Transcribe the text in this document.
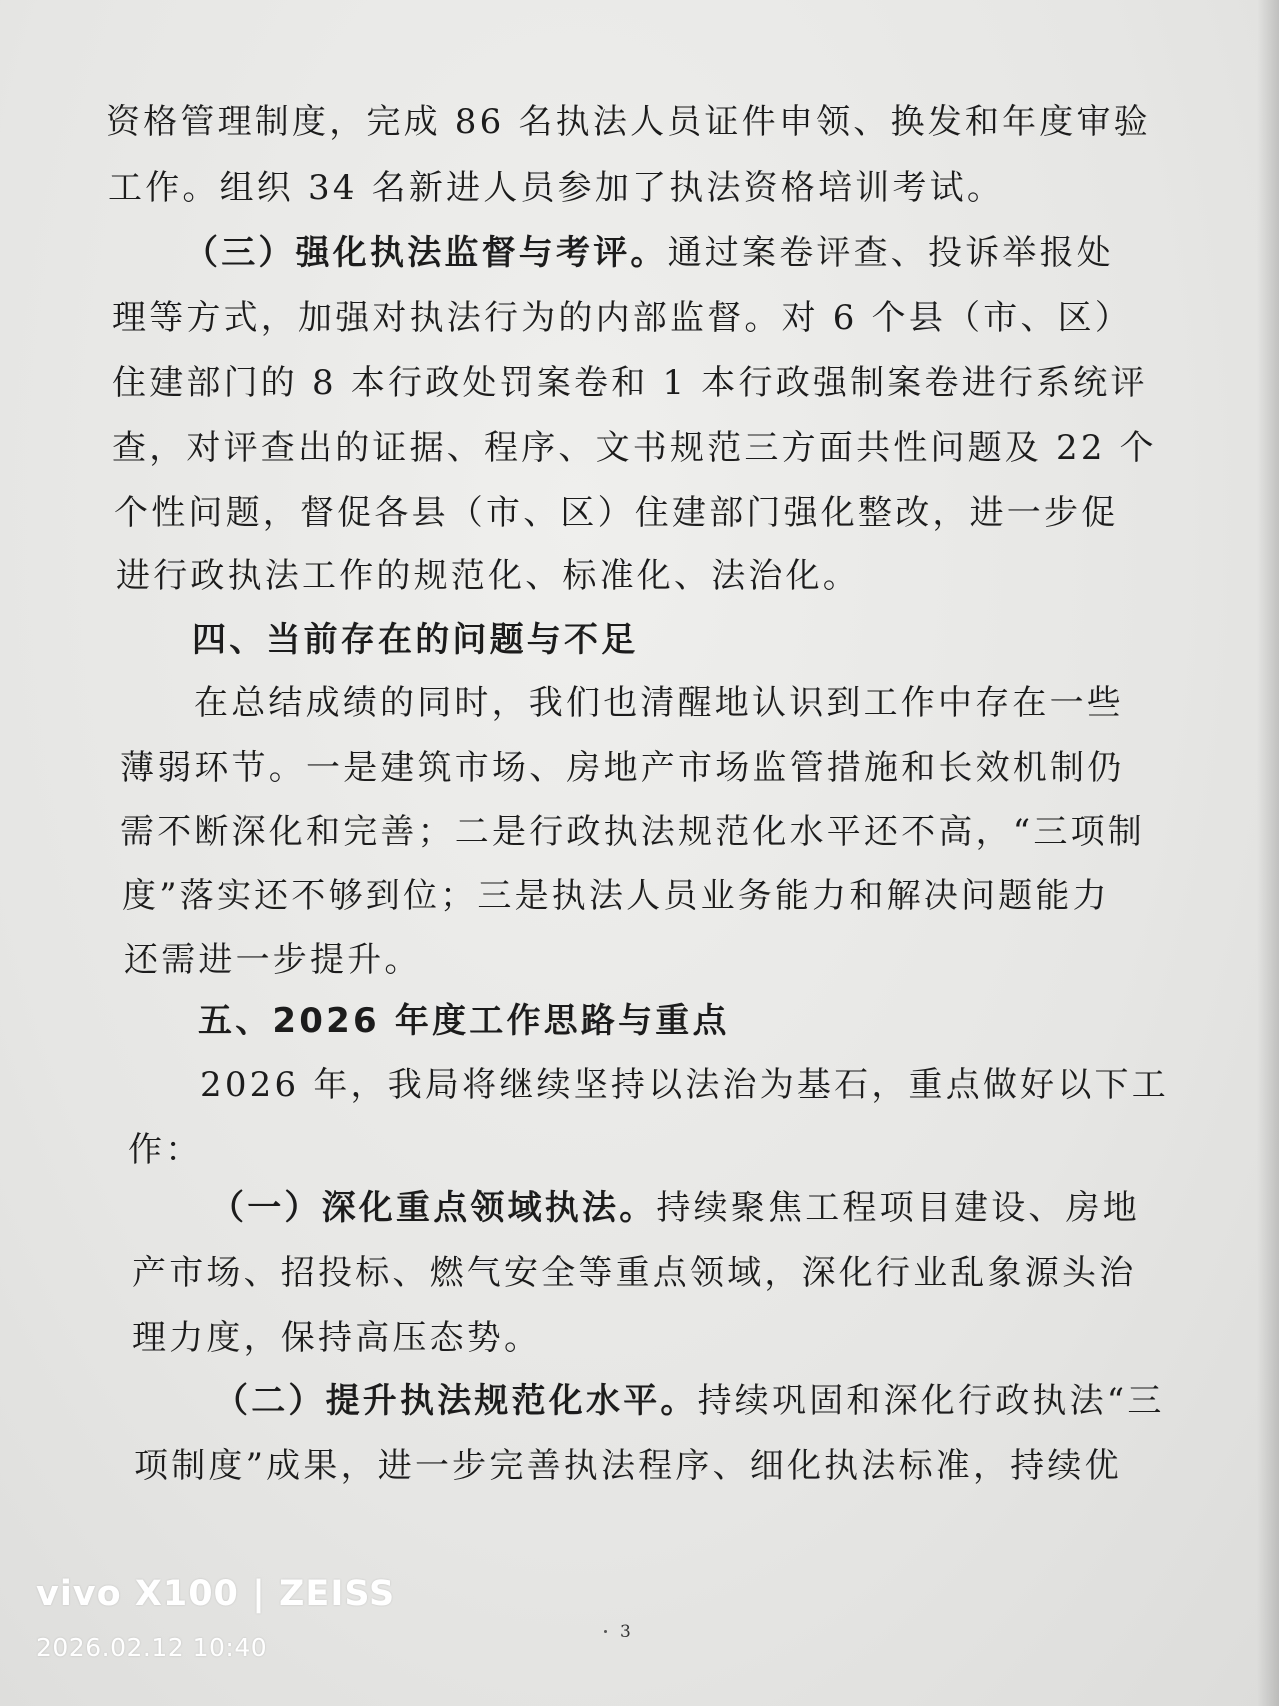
资格管理制度，完成 86 名执法人员证件申领、换发和年度审验
工作。组织 34 名新进人员参加了执法资格培训考试。
（三）强化执法监督与考评。通过案卷评查、投诉举报处
理等方式，加强对执法行为的内部监督。对 6 个县（市、区）
住建部门的 8 本行政处罚案卷和 1 本行政强制案卷进行系统评
查，对评查出的证据、程序、文书规范三方面共性问题及 22 个
个性问题，督促各县（市、区）住建部门强化整改，进一步促
进行政执法工作的规范化、标准化、法治化。
四、当前存在的问题与不足
在总结成绩的同时，我们也清醒地认识到工作中存在一些
薄弱环节。一是建筑市场、房地产市场监管措施和长效机制仍
需不断深化和完善；二是行政执法规范化水平还不高，“三项制
度”落实还不够到位；三是执法人员业务能力和解决问题能力
还需进一步提升。
五、2026 年度工作思路与重点
2026 年，我局将继续坚持以法治为基石，重点做好以下工
作：
（一）深化重点领域执法。持续聚焦工程项目建设、房地
产市场、招投标、燃气安全等重点领域，深化行业乱象源头治
理力度，保持高压态势。
（二）提升执法规范化水平。持续巩固和深化行政执法“三
项制度”成果，进一步完善执法程序、细化执法标准，持续优
3
vivo X100 | ZEISS
2026.02.12 10:40
